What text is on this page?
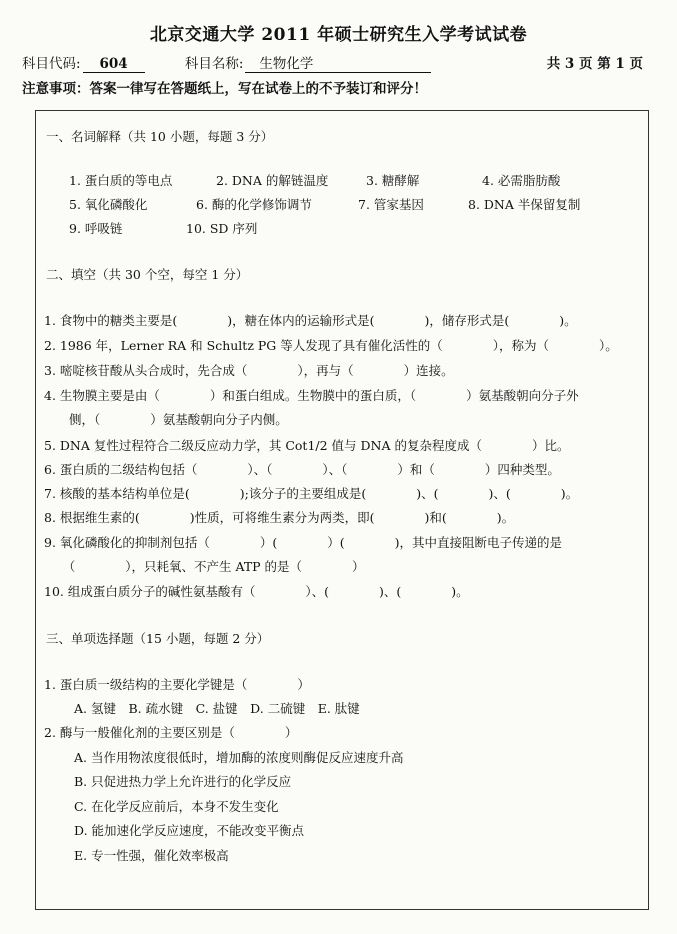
北京交通大学 2011 年硕士研究生入学考试试卷
科目代码: 604	科目名称: 生物化学	共 3 页 第 1 页
注意事项：答案一律写在答题纸上，写在试卷上的不予装订和评分！
一、名词解释（共 10 小题，每题 3 分）
1. 蛋白质的等电点	2. DNA 的解链温度	3. 糖酵解	4. 必需脂肪酸
5. 氧化磷酸化	6. 酶的化学修饰调节	7. 管家基因	8. DNA 半保留复制
9. 呼吸链	10. SD 序列
二、填空（共 30 个空，每空 1 分）
1. 食物中的糖类主要是(　　　　)，糖在体内的运输形式是(　　　　)，储存形式是(　　　　)。
2. 1986 年，Lerner RA 和 Schultz PG 等人发现了具有催化活性的（　　　　），称为（　　　　）。
3. 嘧啶核苷酸从头合成时，先合成（　　　　），再与（　　　　）连接。
4. 生物膜主要是由（　　　　）和蛋白组成。生物膜中的蛋白质，（　　　　）氨基酸朝向分子外
　　侧，（　　　　）氨基酸朝向分子内侧。
5. DNA 复性过程符合二级反应动力学，其 Cot1/2 值与 DNA 的复杂程度成（　　　　）比。
6. 蛋白质的二级结构包括（　　　　）、（　　　　）、（　　　　）和（　　　　）四种类型。
7. 核酸的基本结构单位是(　　　　);该分子的主要组成是(　　　　)、(　　　　)、(　　　　)。
8. 根据维生素的(　　　　)性质，可将维生素分为两类，即(　　　　)和(　　　　)。
9. 氧化磷酸化的抑制剂包括（　　　　）(　　　　）(　　　　)，其中直接阻断电子传递的是
　　（　　　　），只耗氧、不产生 ATP 的是（　　　　）
10. 组成蛋白质分子的碱性氨基酸有（　　　　）、(　　　　)、(　　　　)。
三、单项选择题（15 小题，每题 2 分）
1. 蛋白质一级结构的主要化学键是（　　　　）
A. 氢键　B. 疏水键　C. 盐键　D. 二硫键　E. 肽键
2. 酶与一般催化剂的主要区别是（　　　　）
A. 当作用物浓度很低时，增加酶的浓度则酶促反应速度升高
B. 只促进热力学上允许进行的化学反应
C. 在化学反应前后，本身不发生变化
D. 能加速化学反应速度，不能改变平衡点
E. 专一性强，催化效率极高
